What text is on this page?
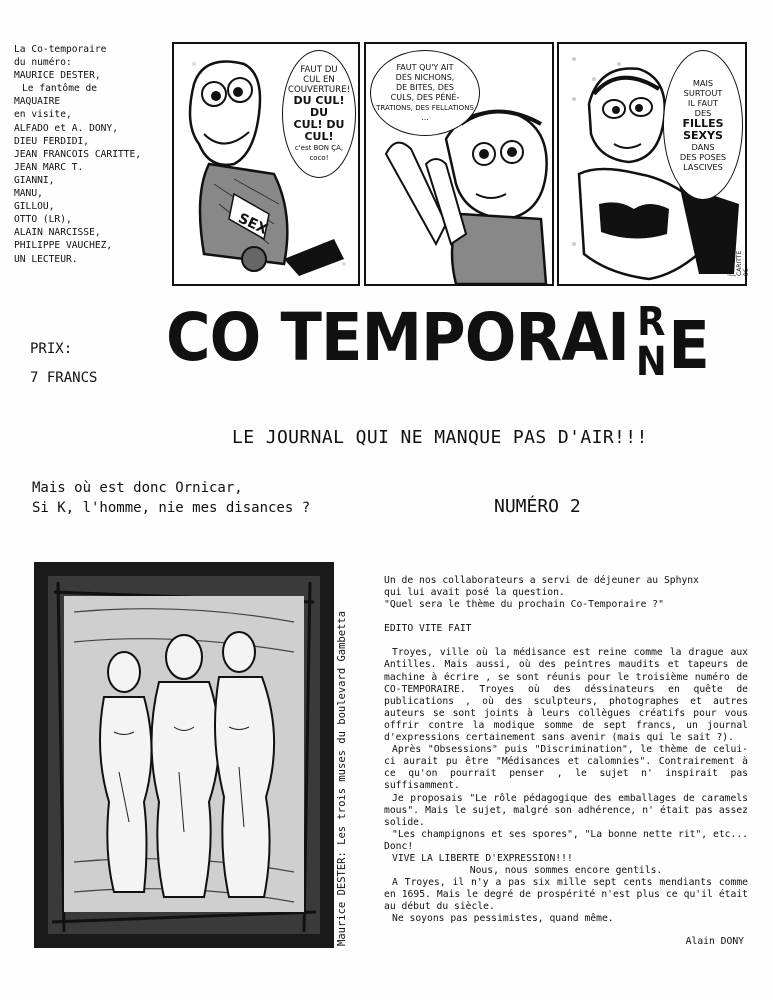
La Co-temporaire
du numéro:
MAURICE DESTER,
Le fantôme de
MAQUAIRE
en visite,
ALFADO et A. DONY,
DIEU FERDIDI,
JEAN FRANCOIS CARITTE,
JEAN MARC T.
GIANNI,
MANU,
GILLOU,
OTTO (LR),
ALAIN NARCISSE,
PHILIPPE VAUCHEZ,
UN LECTEUR.
SEX
FAUT DU
CUL EN
COUVERTURE!
DU CUL! DU
CUL! DU
CUL!
c'est BON ÇA,
coco!
FAUT QU'Y AIT
DES NICHONS,
DE BITES, DES
CULS, DES PÉNÉ-
TRATIONS, DES FELLATIONS
...
MAIS
SURTOUT
IL FAUT
DES
FILLES
SEXYS
DANS
DES POSES
LASCIVES
JF CARITTE 96
PRIX:
7 FRANCS
CO TEMPORAI R
N E
LE JOURNAL QUI NE MANQUE PAS D'AIR!!!
Mais où est donc Ornicar,
Si K, l'homme, nie mes disances ?	NUMÉRO 2
Maurice DESTER: Les trois muses du boulevard Gambetta
Un de nos collaborateurs a servi de déjeuner au Sphynx
qui lui avait posé la question.
"Quel sera le thème du prochain Co-Temporaire ?"
EDITO VITE FAIT
Troyes, ville où la médisance est reine comme la drague aux Antilles. Mais aussi, où des peintres maudits et tapeurs de machine à écrire , se sont réunis pour le troisième numéro de CO-TEMPORAIRE. Troyes où des déssinateurs en quête de publications , où des sculpteurs, photographes et autres auteurs se sont joints à leurs collègues créatifs pour vous offrir contre la modique somme de sept francs, un journal d'expressions certainement sans avenir (mais qui le sait ?).
Après "Obsessions" puis "Discrimination", le thème de celui-ci aurait pu être "Médisances et calomnies". Contrairement à ce qu'on pourrait penser , le sujet n' inspirait pas suffisamment.
Je proposais "Le rôle pédagogique des emballages de caramels mous". Mais le sujet, malgré son adhérence, n' était pas assez solide.
"Les champignons et ses spores", "La bonne nette rit", etc... Donc!
VIVE LA LIBERTE D'EXPRESSION!!!
Nous, nous sommes encore gentils.
A Troyes, il n'y a pas six mille sept cents mendiants comme en 1695. Mais le degré de prospérité n'est plus ce qu'il était au début du siècle.
Ne soyons pas pessimistes, quand même.
Alain DONY
